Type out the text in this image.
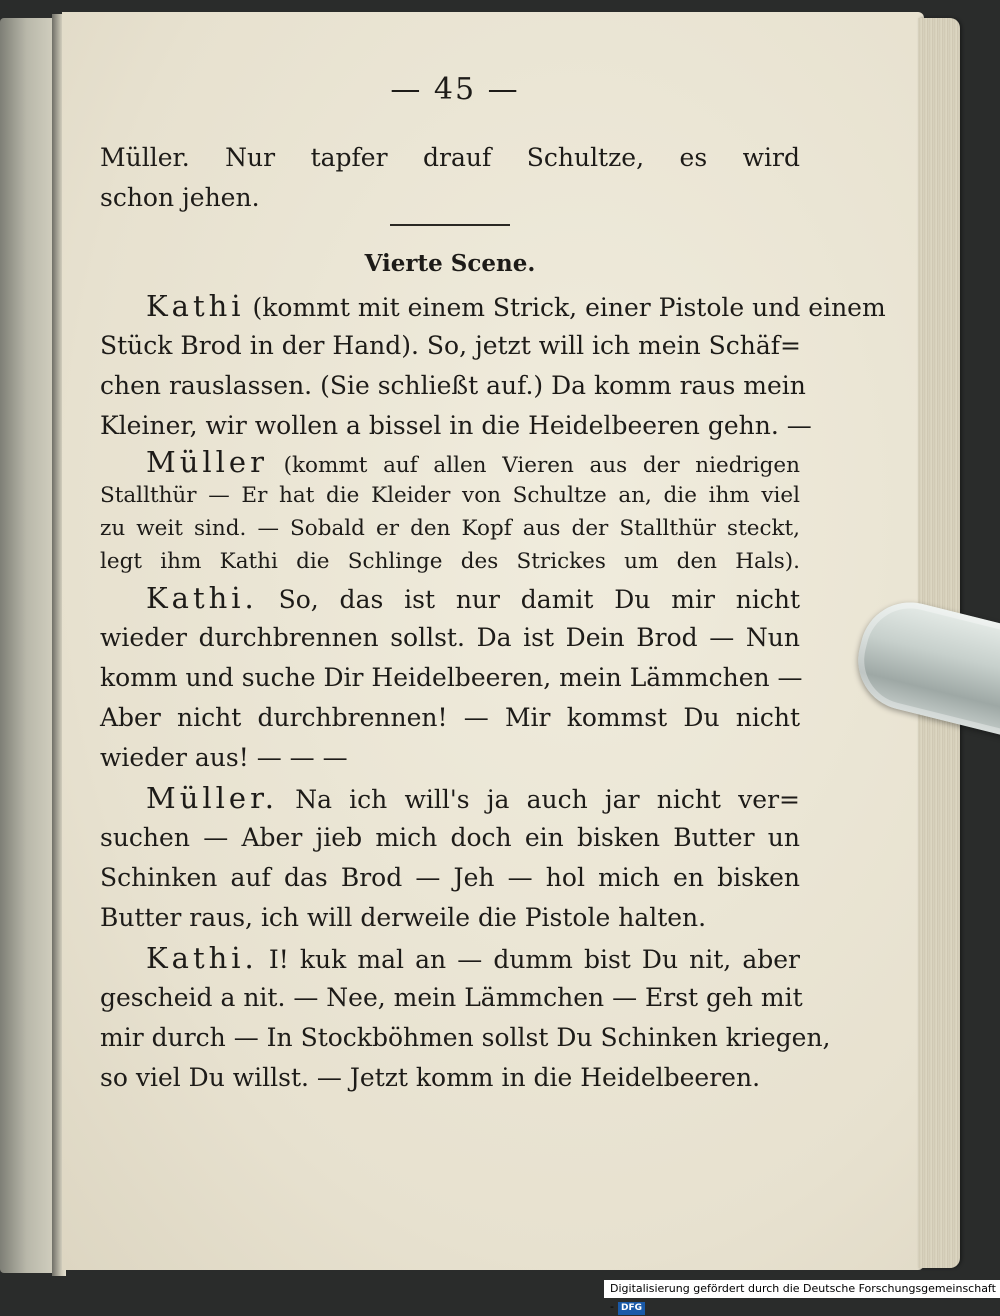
— 45 —
Müller. Nur tapfer drauf Schultze, es wird
schon jehen.
Vierte Scene.
Kathi (kommt mit einem Strick, einer Pistole und einem
Stück Brod in der Hand). So, jetzt will ich mein Schäf=
chen rauslassen. (Sie schließt auf.) Da komm raus mein
Kleiner, wir wollen a bissel in die Heidelbeeren gehn. —
Müller (kommt auf allen Vieren aus der niedrigen
Stallthür — Er hat die Kleider von Schultze an, die ihm viel
zu weit sind. — Sobald er den Kopf aus der Stallthür steckt,
legt ihm Kathi die Schlinge des Strickes um den Hals).
Kathi. So, das ist nur damit Du mir nicht
wieder durchbrennen sollst. Da ist Dein Brod — Nun
komm und suche Dir Heidelbeeren, mein Lämmchen —
Aber nicht durchbrennen! — Mir kommst Du nicht
wieder aus! — — —
Müller. Na ich will's ja auch jar nicht ver=
suchen — Aber jieb mich doch ein bisken Butter un
Schinken auf das Brod — Jeh — hol mich en bisken
Butter raus, ich will derweile die Pistole halten.
Kathi. I! kuk mal an — dumm bist Du nit, aber
gescheid a nit. — Nee, mein Lämmchen — Erst geh mit
mir durch — In Stockböhmen sollst Du Schinken kriegen,
so viel Du willst. — Jetzt komm in die Heidelbeeren.
Digitalisierung gefördert durch die Deutsche Forschungsgemeinschaft - DFG
